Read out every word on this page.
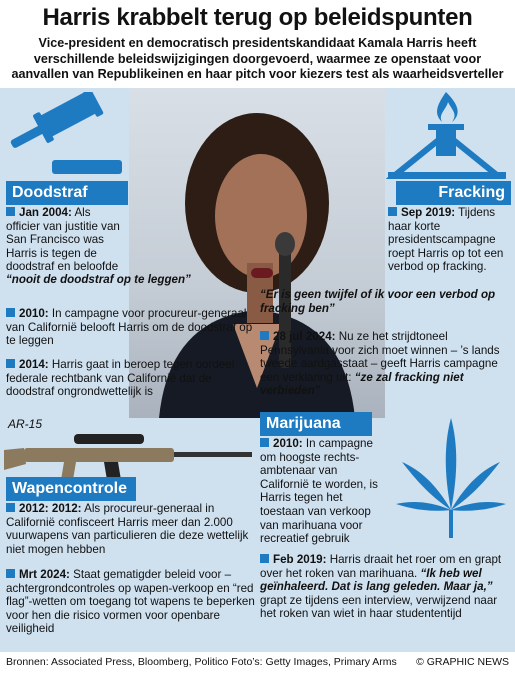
Harris krabbelt terug op beleidspunten
Vice-president en democratisch presidentskandidaat Kamala Harris heeft verschillende beleidswijzigingen doorgevoerd, waarmee ze openstaat voor aanvallen van Republikeinen en haar pitch voor kiezers test als waarheidsverteller
Doodstraf
Jan 2004: Als officier van justitie van San Francisco was Harris is tegen de doodstraf en beloofde
“nooit de doodstraf op te leggen”
2010: In campagne voor procureur-generaal van Californië belooft Harris om de doodstraf op te leggen
2014: Harris gaat in beroep tegen oordeel federale rechtbank van Californië dat de doodstraf ongrondwettelijk is
Fracking
Sep 2019: Tijdens haar korte presidentscampagne roept Harris op tot een verbod op fracking.
“Er is geen twijfel of ik voor een verbod op fracking ben”
28 jul 2024: Nu ze het strijdtoneel Pennsylvania voor zich moet winnen – ’s lands tweede aardgasstaat – geeft Harris campagne een verklaring uit: “ze zal fracking niet verbieden”
AR-15
Wapencontrole
2012: 2012: Als procureur-generaal in Californië confisceert Harris meer dan 2.000 vuurwapens van particulieren die deze wettelijk niet mogen hebben
Mrt 2024: Staat gematigder beleid voor – achtergrondcontroles op wapen-verkoop en “red flag”-wetten om toegang tot wapens te beperken voor hen die risico vormen voor openbare veiligheid
Marijuana
2010: In campagne om hoogste rechts-ambtenaar van Californië te worden, is Harris tegen het toestaan van verkoop van marihuana voor recreatief gebruik
Feb 2019: Harris draait het roer om en grapt over het roken van marihuana. “Ik heb wel geïnhaleerd. Dat is lang geleden. Maar ja,” grapt ze tijdens een interview, verwijzend naar het roken van wiet in haar studententijd
Bronnen: Associated Press, Bloomberg, Politico Foto’s: Getty Images, Primary Arms © GRAPHIC NEWS
